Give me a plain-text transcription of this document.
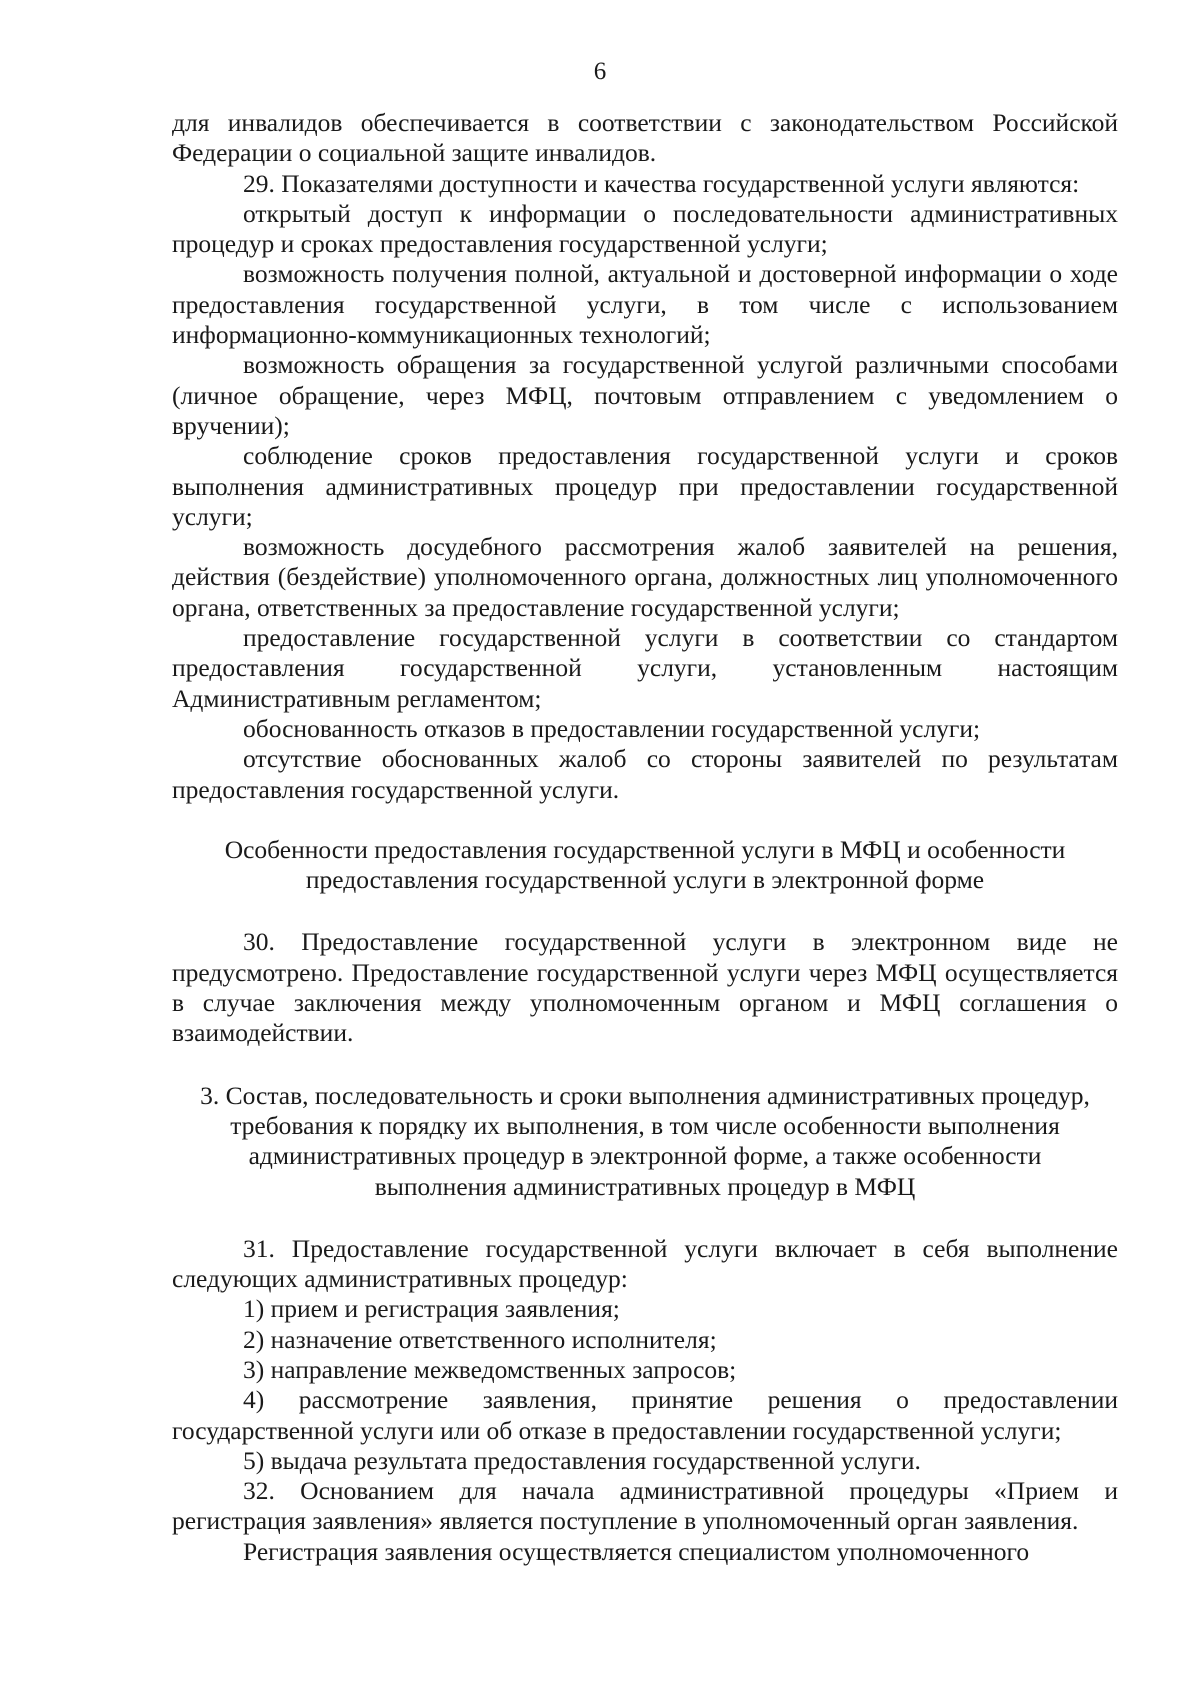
6

для инвалидов обеспечивается в соответствии с законодательством Российской Федерации о социальной защите инвалидов.

29. Показателями доступности и качества государственной услуги являются:

открытый доступ к информации о последовательности административных процедур и сроках предоставления государственной услуги;

возможность получения полной, актуальной и достоверной информации о ходе предоставления государственной услуги, в том числе с использованием информационно-коммуникационных технологий;

возможность обращения за государственной услугой различными способами (личное обращение, через МФЦ, почтовым отправлением с уведомлением о вручении);

соблюдение сроков предоставления государственной услуги и сроков выполнения административных процедур при предоставлении государственной услуги;

возможность досудебного рассмотрения жалоб заявителей на решения, действия (бездействие) уполномоченного органа, должностных лиц уполномоченного органа, ответственных за предоставление государственной услуги;

предоставление государственной услуги в соответствии со стандартом предоставления государственной услуги, установленным настоящим Административным регламентом;

обоснованность отказов в предоставлении государственной услуги;

отсутствие обоснованных жалоб со стороны заявителей по результатам предоставления государственной услуги.

Особенности предоставления государственной услуги в МФЦ и особенности
предоставления государственной услуги в электронной форме

30. Предоставление государственной услуги в электронном виде не предусмотрено. Предоставление государственной услуги через МФЦ осуществляется в случае заключения между уполномоченным органом и МФЦ соглашения о взаимодействии.

3. Состав, последовательность и сроки выполнения административных процедур,
требования к порядку их выполнения, в том числе особенности выполнения
административных процедур в электронной форме, а также особенности
выполнения административных процедур в МФЦ

31. Предоставление государственной услуги включает в себя выполнение следующих административных процедур:

1) прием и регистрация заявления;

2) назначение ответственного исполнителя;

3) направление межведомственных запросов;

4) рассмотрение заявления, принятие решения о предоставлении государственной услуги или об отказе в предоставлении государственной услуги;

5) выдача результата предоставления государственной услуги.

32. Основанием для начала административной процедуры «Прием и регистрация заявления» является поступление в уполномоченный орган заявления.

Регистрация заявления осуществляется специалистом уполномоченного
